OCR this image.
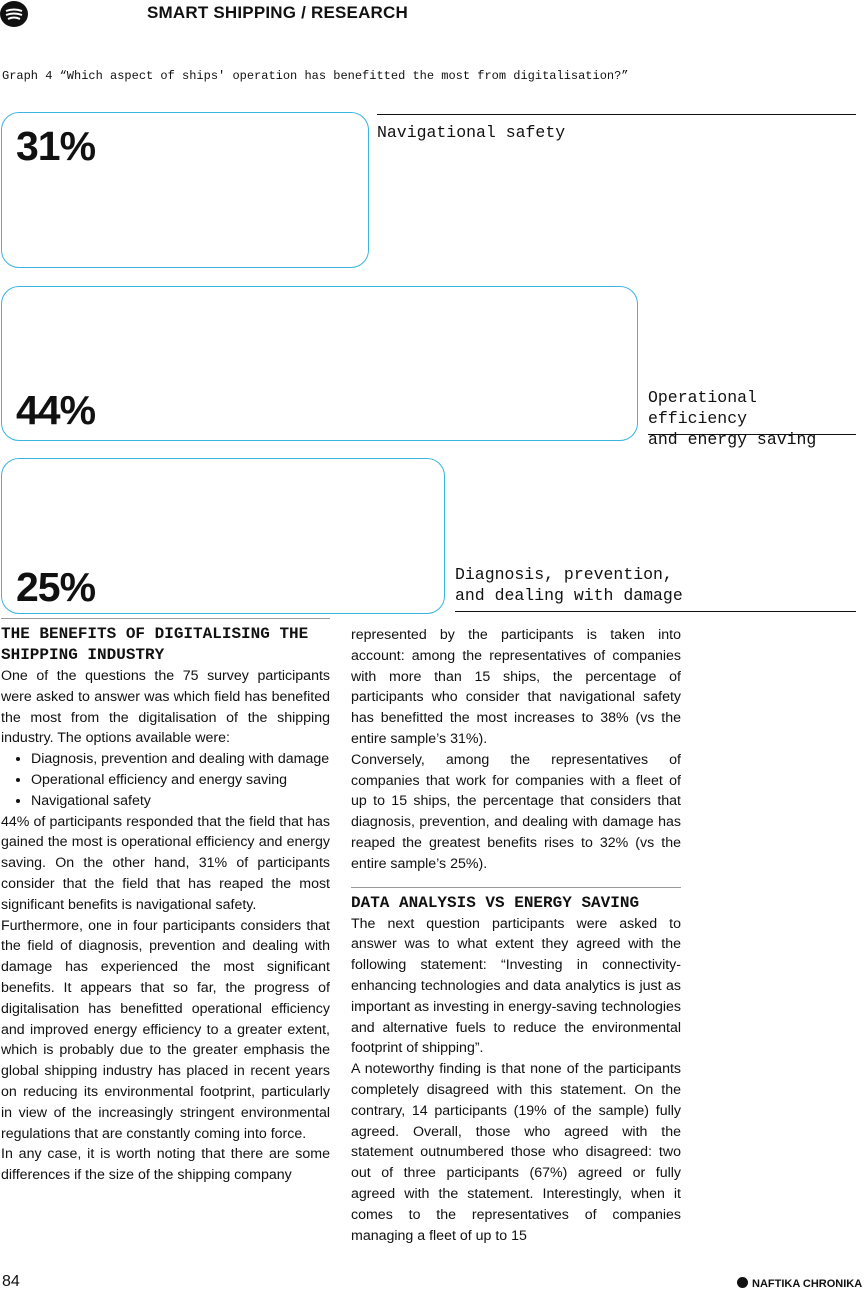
SMART SHIPPING / RESEARCH
Graph 4 “Which aspect of ships' operation has benefitted the most from digitalisation?”
31%	Navigational safety
44%	Operational efficiency
and energy saving
25%	Diagnosis, prevention,
and dealing with damage
THE BENEFITS OF DIGITALISING THE
SHIPPING INDUSTRY

One of the questions the 75 survey participants were asked to answer was which field has benefited the most from the digitalisation of the shipping industry. The options available were:

• Diagnosis, prevention and dealing with damage
• Operational efficiency and energy saving
• Navigational safety

44% of participants responded that the field that has gained the most is operational efficiency and energy saving. On the other hand, 31% of participants consider that the field that has reaped the most significant benefits is navigational safety.

Furthermore, one in four participants considers that the field of diagnosis, prevention and dealing with damage has experienced the most significant benefits. It appears that so far, the progress of digitalisation has benefitted operational efficiency and improved energy efficiency to a greater extent, which is probably due to the greater emphasis the global shipping industry has placed in recent years on reducing its environmental footprint, particularly in view of the increasingly stringent environmental regulations that are constantly coming into force.

In any case, it is worth noting that there are some differences if the size of the shipping company

represented by the participants is taken into account: among the representatives of companies with more than 15 ships, the percentage of participants who consider that navigational safety has benefitted the most increases to 38% (vs the entire sample’s 31%).

Conversely, among the representatives of companies that work for companies with a fleet of up to 15 ships, the percentage that considers that diagnosis, prevention, and dealing with damage has reaped the greatest benefits rises to 32% (vs the entire sample’s 25%).

DATA ANALYSIS VS ENERGY SAVING

The next question participants were asked to answer was to what extent they agreed with the following statement: “Investing in connectivity-enhancing technologies and data analytics is just as important as investing in energy-saving technologies and alternative fuels to reduce the environmental footprint of shipping”.

A noteworthy finding is that none of the participants completely disagreed with this statement. On the contrary, 14 participants (19% of the sample) fully agreed. Overall, those who agreed with the statement outnumbered those who disagreed: two out of three participants (67%) agreed or fully agreed with the statement. Interestingly, when it comes to the representatives of companies managing a fleet of up to 15

84	NAFTIKA CHRONIKA
